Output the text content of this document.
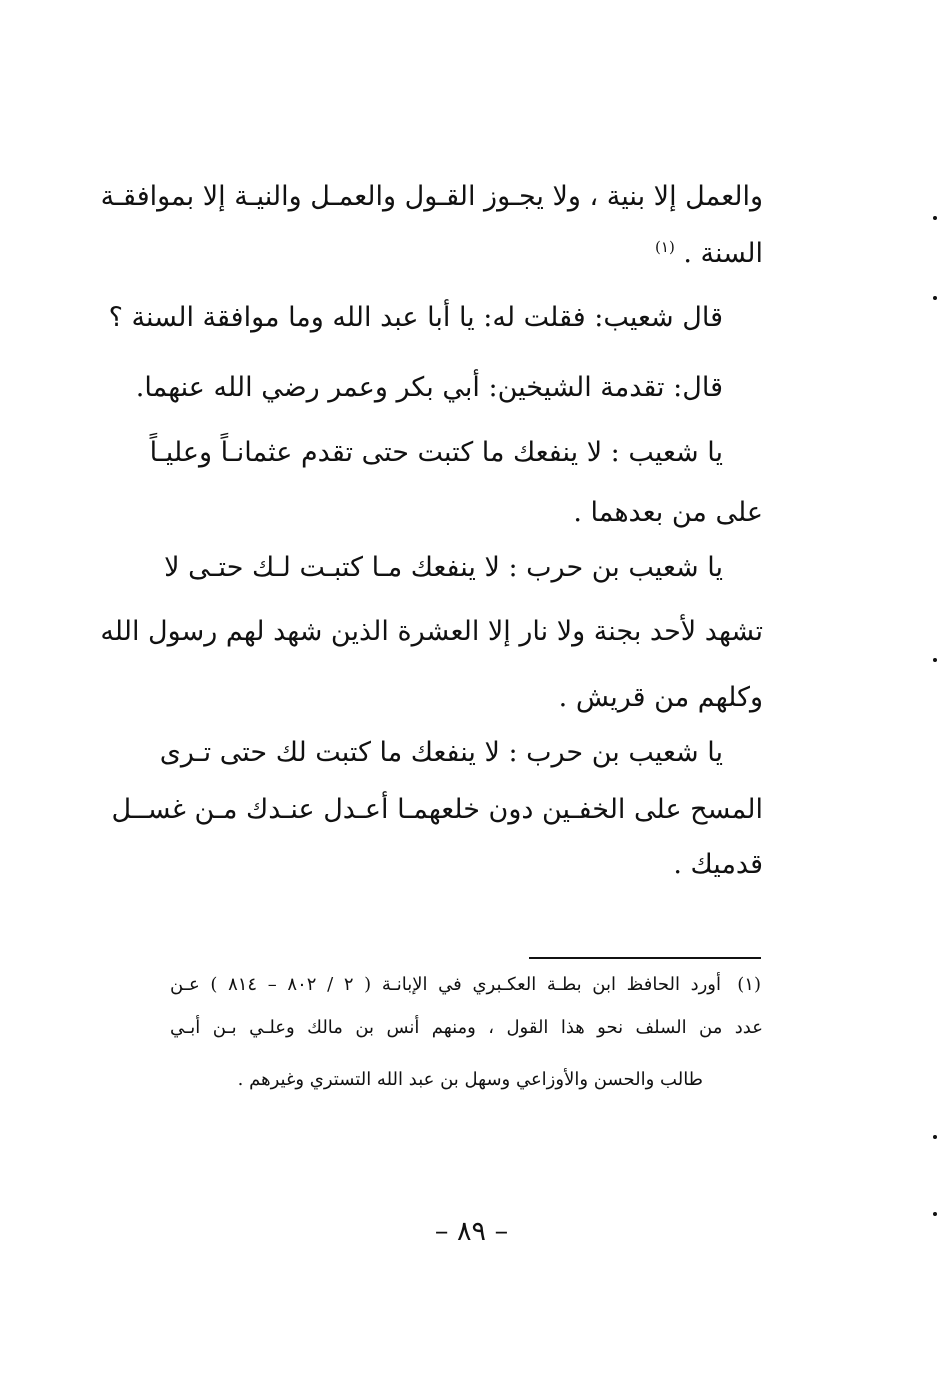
والعمل إلا بنية ، ولا يجـوز القـول والعمـل والنيـة إلا بموافقـة
السنة . $^{(١)}$
قال شعيب: فقلت له: يا أبا عبد الله وما موافقة السنة ؟
قال: تقدمة الشيخين: أبي بكر وعمر رضي الله عنهما.
يا شعيب : لا ينفعك ما كتبت حتى تقدم عثمانـاً وعليـاً
على من بعدهما .
يا شعيب بن حرب : لا ينفعك مـا كتبـت لـك حتـى لا
تشهد لأحد بجنة ولا نار إلا العشرة الذين شهد لهم رسول الله
وكلهم من قريش .
يا شعيب بن حرب : لا ينفعك ما كتبت لك حتى تـرى
المسح على الخفـين دون خلعهمـا أعـدل عنـدك مـن غســل
قدميك .
(١)
أورد الحافظ ابن بطـة العكـبري في الإبانـة ( ٢ / ٨٠٢ – ٨١٤ ) عـن
عدد من السلف نحو هذا القول ، ومنهم أنس بن مالك وعلـي بـن أبـي
طالب والحسن والأوزاعي وسهل بن عبد الله التستري وغيرهم .
– ٨٩ –
